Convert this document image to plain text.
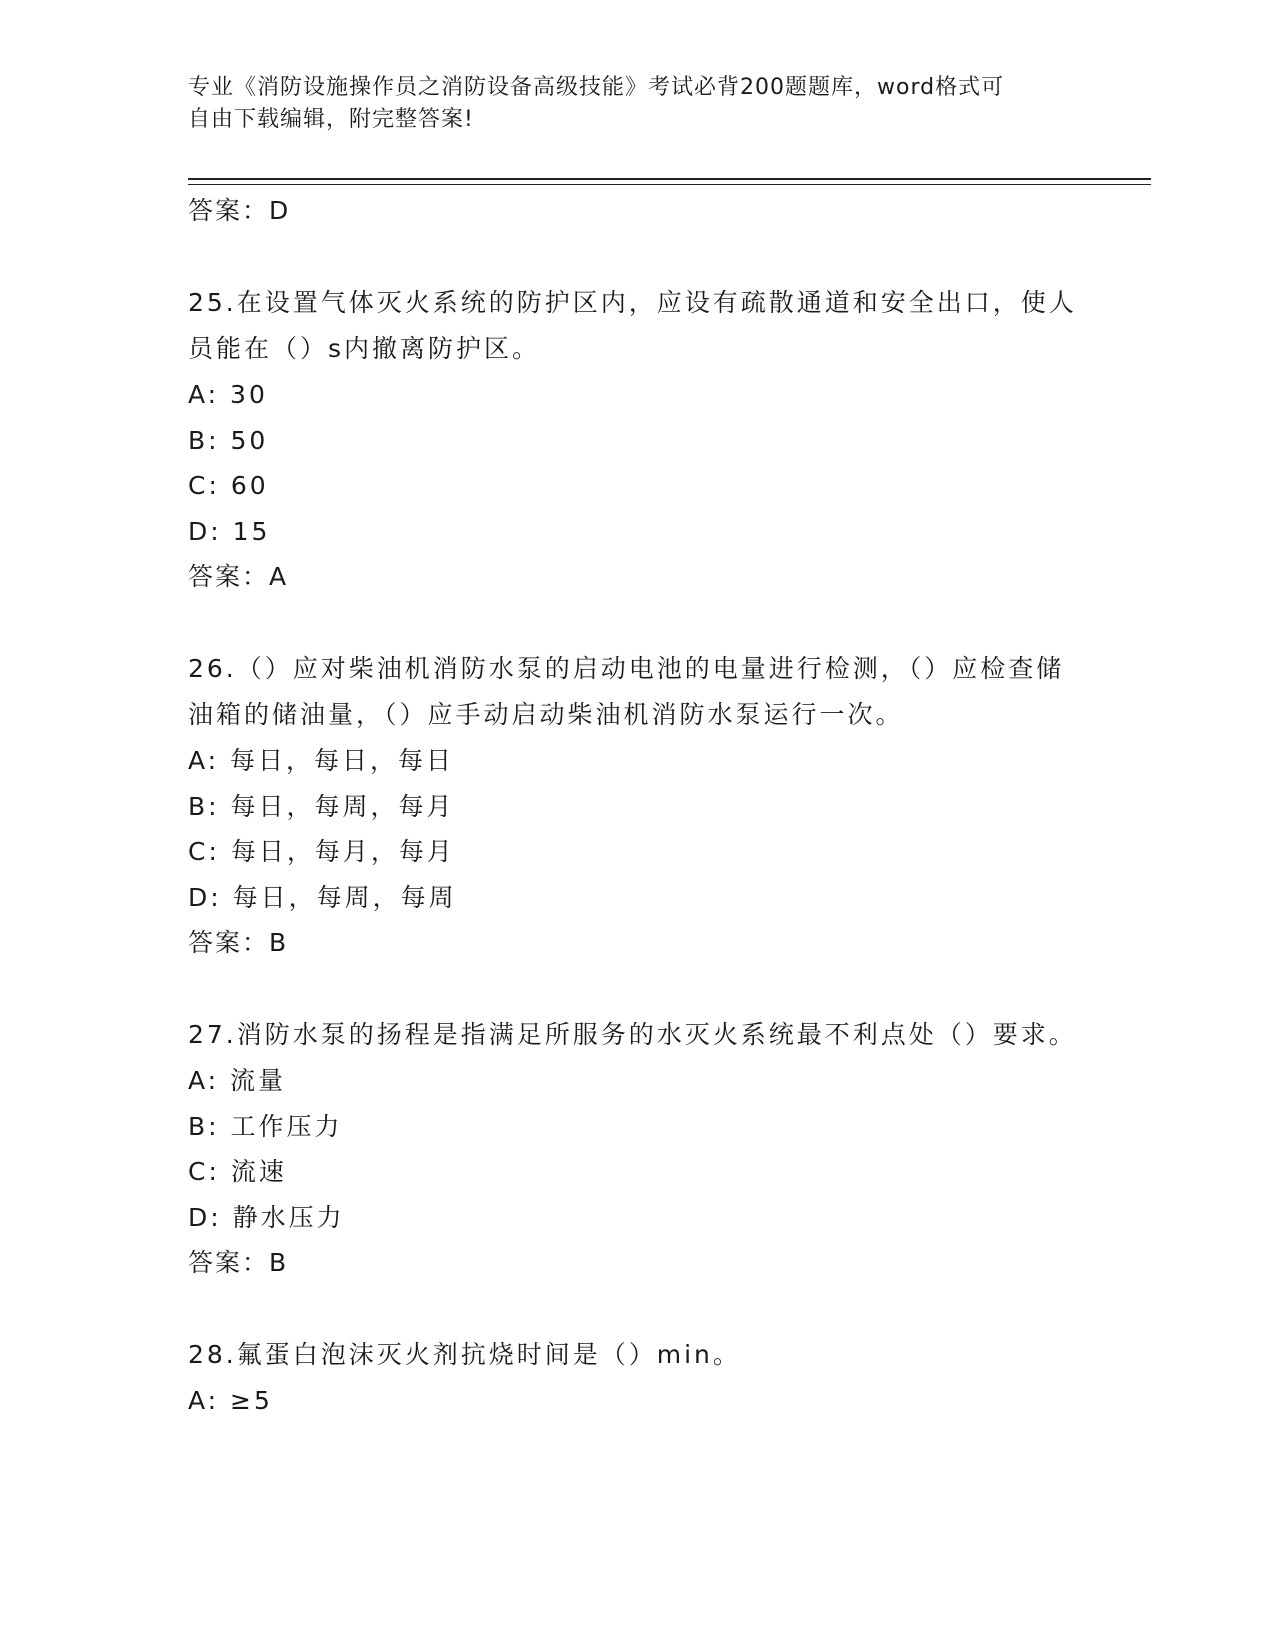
专业《消防设施操作员之消防设备高级技能》考试必背200题题库，word格式可
自由下载编辑，附完整答案!
答案：D
25.在设置气体灭火系统的防护区内，应设有疏散通道和安全出口，使人员能在（）s内撤离防护区。
A: 30
B: 50
C: 60
D: 15
答案：A
26.（）应对柴油机消防水泵的启动电池的电量进行检测，（）应检查储油箱的储油量，（）应手动启动柴油机消防水泵运行一次。
A: 每日，每日，每日
B: 每日，每周，每月
C: 每日，每月，每月
D: 每日，每周，每周
答案：B
27.消防水泵的扬程是指满足所服务的水灭火系统最不利点处（）要求。
A: 流量
B: 工作压力
C: 流速
D: 静水压力
答案：B
28.氟蛋白泡沫灭火剂抗烧时间是（）min。
A: ≥5
